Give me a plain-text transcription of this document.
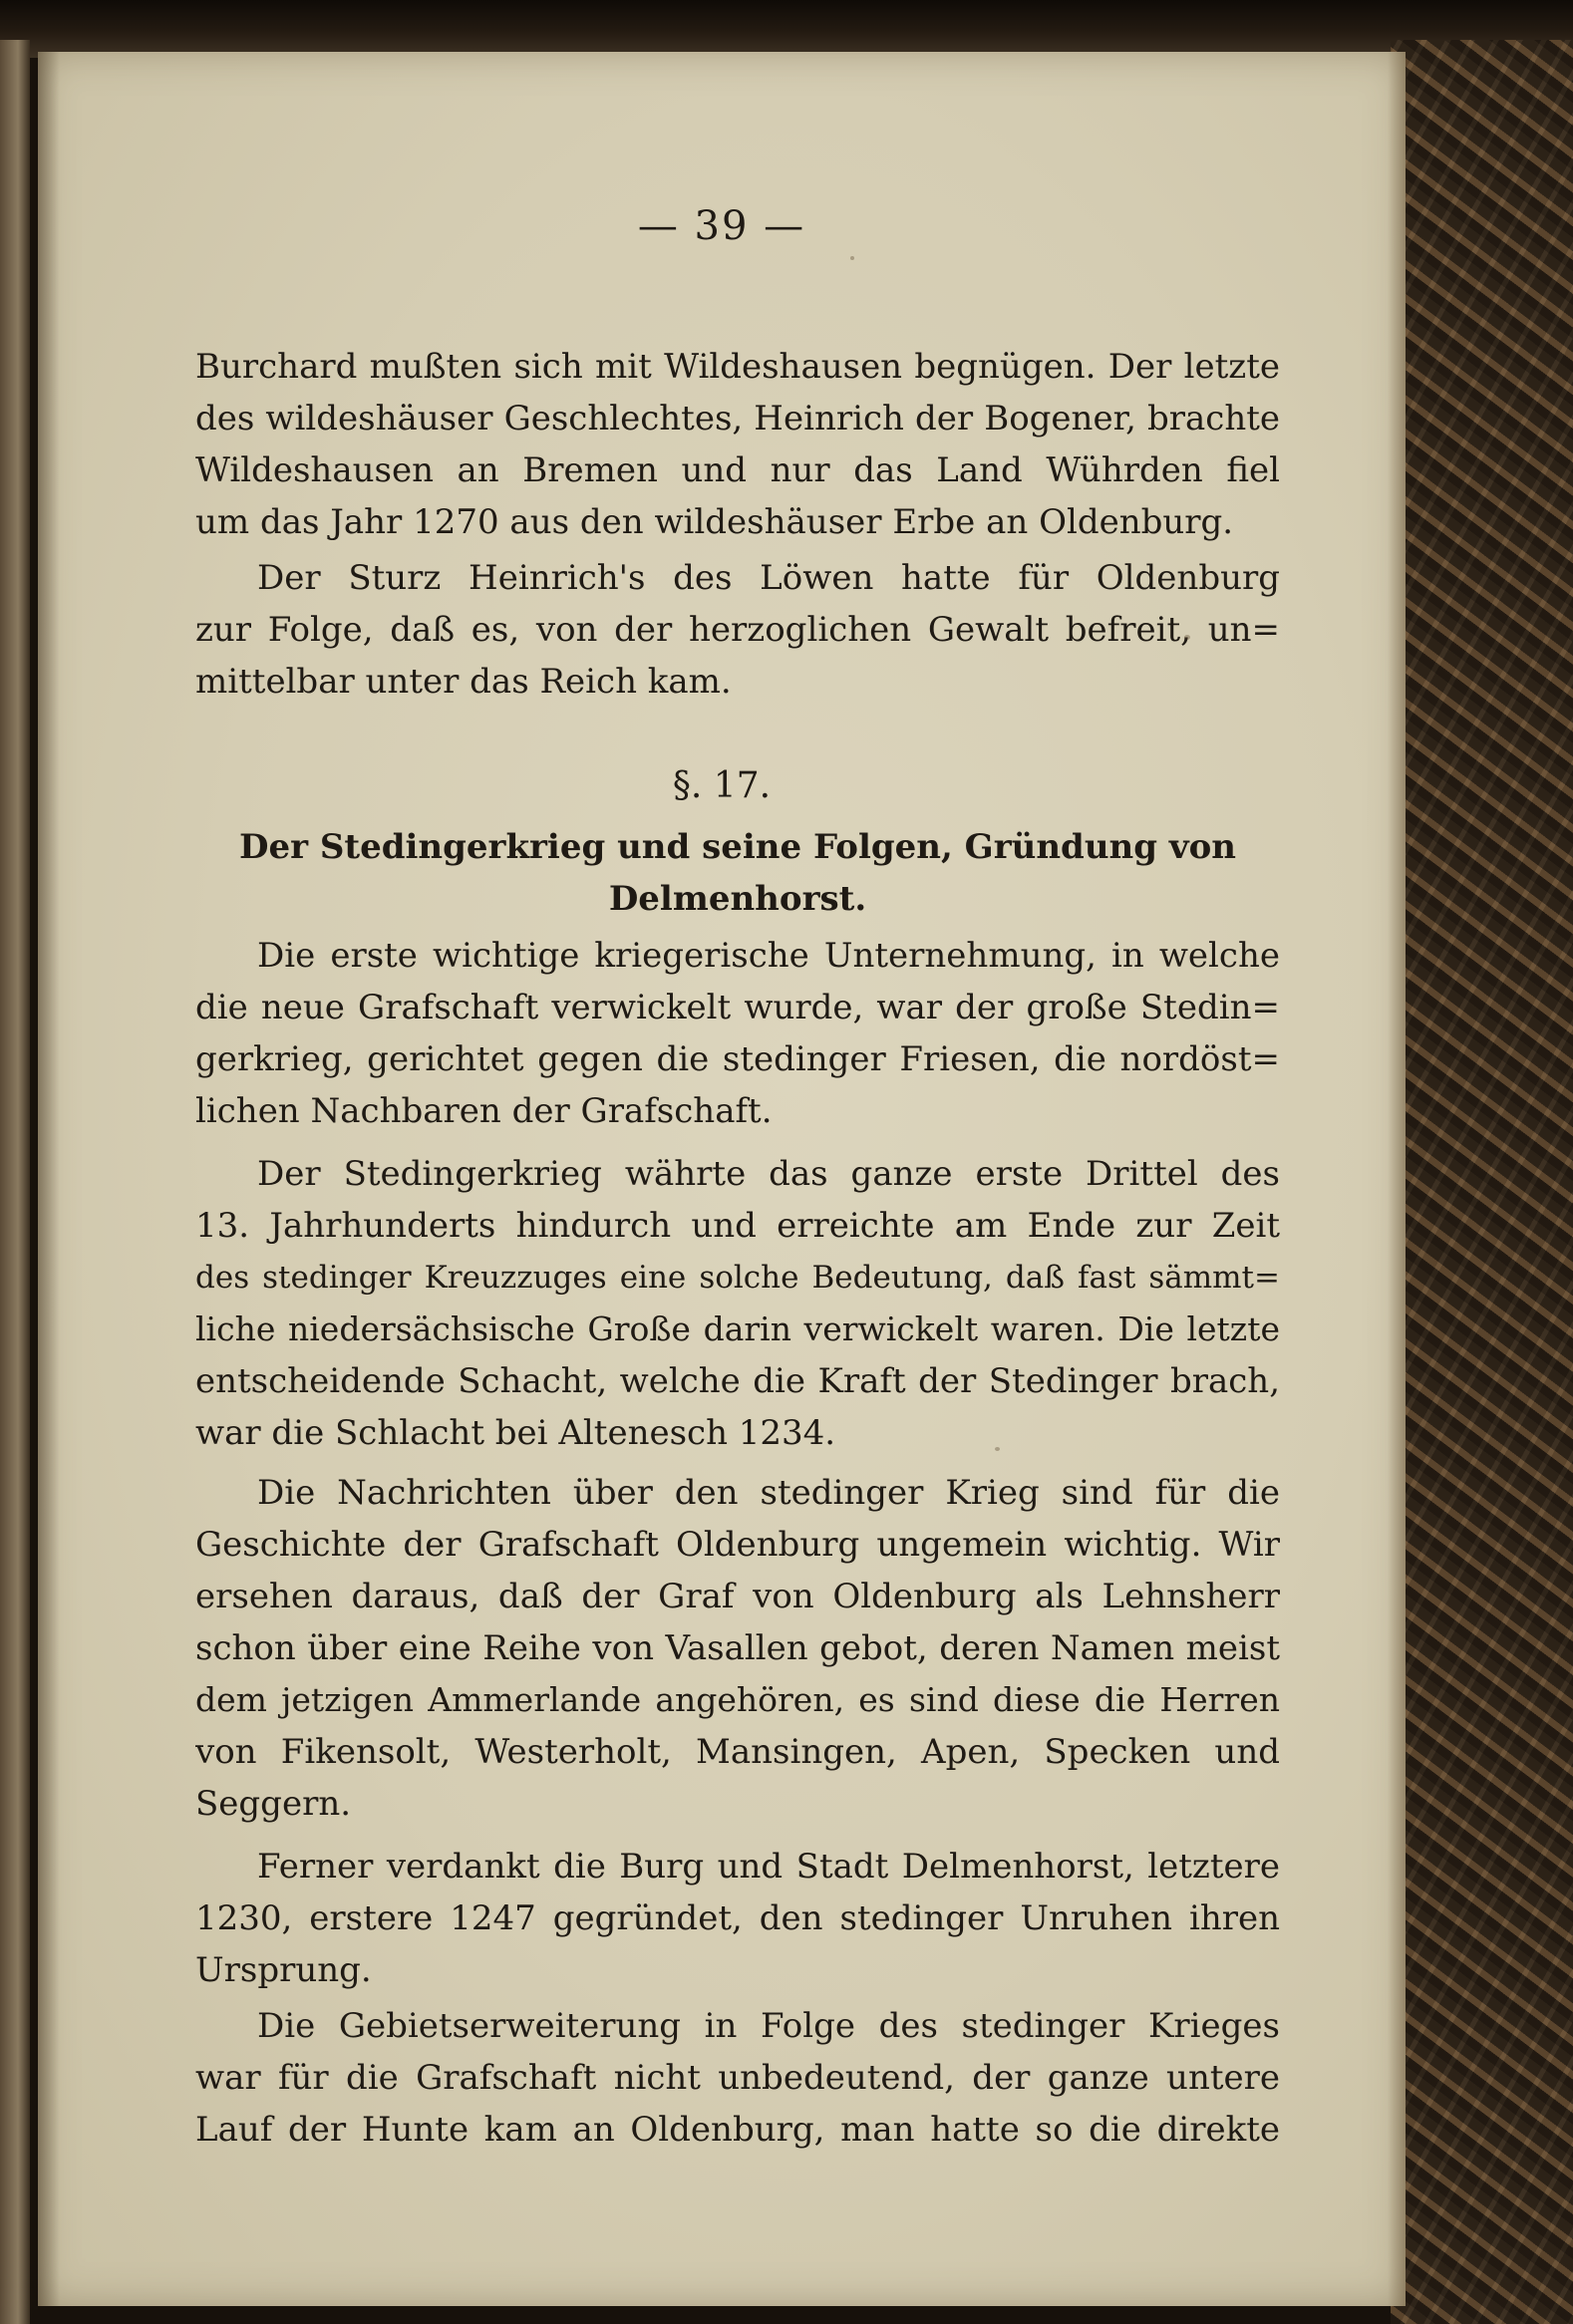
— 39 —
Burchard mußten sich mit Wildeshausen begnügen. Der letzte
des wildeshäuser Geschlechtes, Heinrich der Bogener, brachte
Wildeshausen an Bremen und nur das Land Wührden fiel
um das Jahr 1270 aus den wildeshäuser Erbe an Oldenburg.
Der Sturz Heinrich's des Löwen hatte für Oldenburg
zur Folge, daß es, von der herzoglichen Gewalt befreit, un=
mittelbar unter das Reich kam.
§. 17.
Der Stedingerkrieg und seine Folgen, Gründung von
Delmenhorst.
Die erste wichtige kriegerische Unternehmung, in welche
die neue Grafschaft verwickelt wurde, war der große Stedin=
gerkrieg, gerichtet gegen die stedinger Friesen, die nordöst=
lichen Nachbaren der Grafschaft.
Der Stedingerkrieg währte das ganze erste Drittel des
13. Jahrhunderts hindurch und erreichte am Ende zur Zeit
des stedinger Kreuzzuges eine solche Bedeutung, daß fast sämmt=
liche niedersächsische Große darin verwickelt waren. Die letzte
entscheidende Schacht, welche die Kraft der Stedinger brach,
war die Schlacht bei Altenesch 1234.
Die Nachrichten über den stedinger Krieg sind für die
Geschichte der Grafschaft Oldenburg ungemein wichtig. Wir
ersehen daraus, daß der Graf von Oldenburg als Lehnsherr
schon über eine Reihe von Vasallen gebot, deren Namen meist
dem jetzigen Ammerlande angehören, es sind diese die Herren
von Fikensolt, Westerholt, Mansingen, Apen, Specken und
Seggern.
Ferner verdankt die Burg und Stadt Delmenhorst, letztere
1230, erstere 1247 gegründet, den stedinger Unruhen ihren
Ursprung.
Die Gebietserweiterung in Folge des stedinger Krieges
war für die Grafschaft nicht unbedeutend, der ganze untere
Lauf der Hunte kam an Oldenburg, man hatte so die direkte
